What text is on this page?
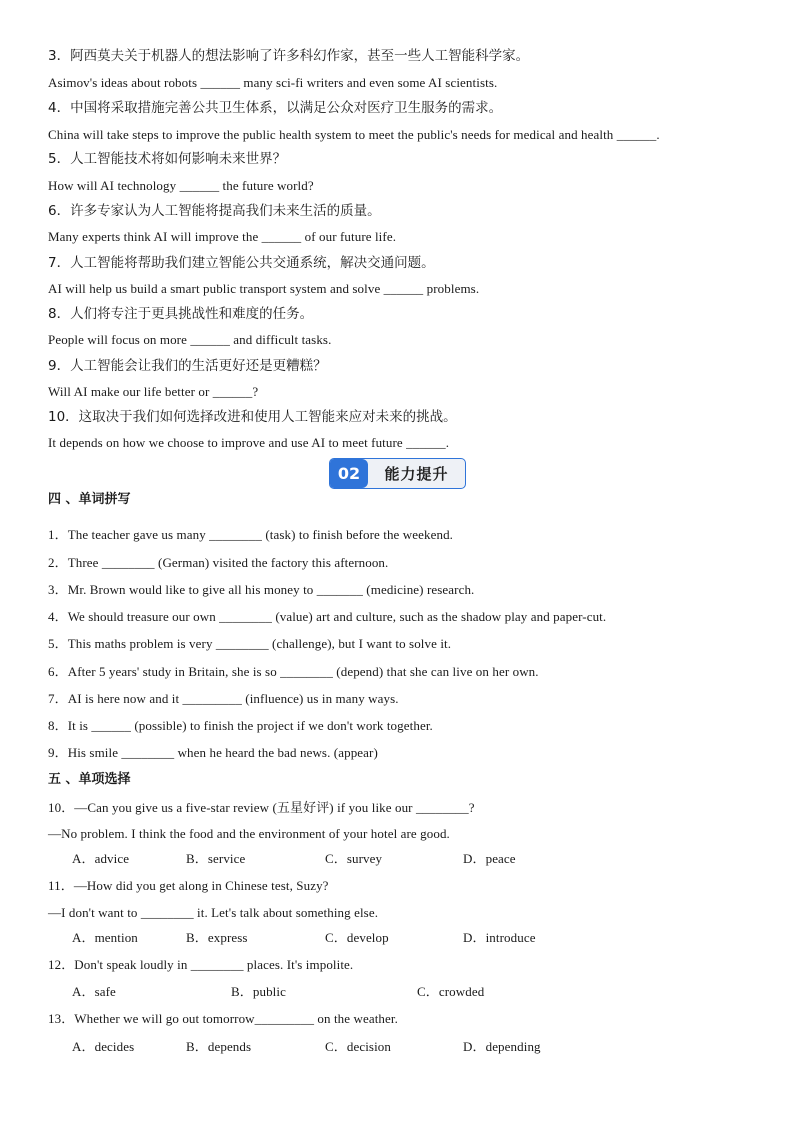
3．阿西莫夫关于机器人的想法影响了许多科幻作家，甚至一些人工智能科学家。
Asimov's ideas about robots ______ many sci-fi writers and even some AI scientists.
4．中国将采取措施完善公共卫生体系，以满足公众对医疗卫生服务的需求。
China will take steps to improve the public health system to meet the public's needs for medical and health ______.
5．人工智能技术将如何影响未来世界？
How will AI technology ______ the future world?
6．许多专家认为人工智能将提高我们未来生活的质量。
Many experts think AI will improve the ______ of our future life.
7．人工智能将帮助我们建立智能公共交通系统，解决交通问题。
AI will help us build a smart public transport system and solve ______ problems.
8．人们将专注于更具挑战性和难度的任务。
People will focus on more ______ and difficult tasks.
9．人工智能会让我们的生活更好还是更糟糕？
Will AI make our life better or ______?
10．这取决于我们如何选择改进和使用人工智能来应对未来的挑战。
It depends on how we choose to improve and use AI to meet future ______.
02	能力提升
四 、单词拼写
1．The teacher gave us many ________ (task) to finish before the weekend.
2．Three ________ (German) visited the factory this afternoon.
3．Mr. Brown would like to give all his money to _______ (medicine) research.
4．We should treasure our own ________ (value) art and culture, such as the shadow play and paper-cut.
5．This maths problem is very ________ (challenge), but I want to solve it.
6．After 5 years' study in Britain, she is so ________ (depend) that she can live on her own.
7．AI is here now and it _________ (influence) us in many ways.
8．It is ______ (possible) to finish the project if we don't work together.
9．His smile ________ when he heard the bad news. (appear)
五 、单项选择
10．—Can you give us a five-star review (五星好评) if you like our ________?
—No problem. I think the food and the environment of your hotel are good.
A．advice	B．service	C．survey	D．peace
11．—How did you get along in Chinese test, Suzy?
—I don't want to ________ it. Let's talk about something else.
A．mention	B．express	C．develop	D．introduce
12．Don't speak loudly in ________ places. It's impolite.
A．safe	B．public	C．crowded
13．Whether we will go out tomorrow_________ on the weather.
A．decides	B．depends	C．decision	D．depending
